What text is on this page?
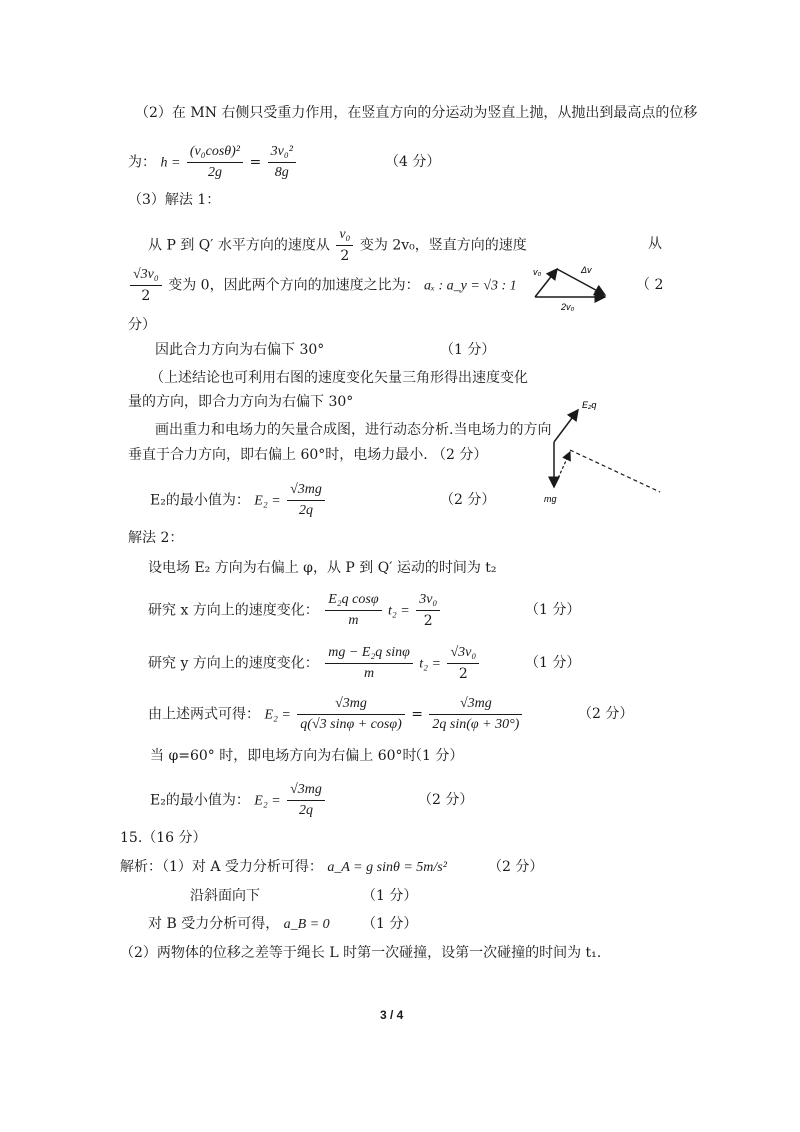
（2）在 MN 右侧只受重力作用，在竖直方向的分运动为竖直上抛，从抛出到最高点的位移
为： $h = \frac{\text{(v₀cosθ)²}}{2g} = \frac{\text{3v₀²}}{8g}$	（4 分）
（3）解法 1：
从 P 到 Q′ 水平方向的速度从 $\frac{\text{v₀}}{2}$ 变为 2v₀，竖直方向的速度	从
$\frac{\text{√3v₀}}{2}$ 变为 0，因此两个方向的加速度之比为： aₓ : a_y = √3 : 1	（ 2
v₀	Δv
2v₀
分）
因此合力方向为右偏下 30°	（1 分）
（上述结论也可利用右图的速度变化矢量三角形得出速度变化
量的方向，即合力方向为右偏下 30°
画出重力和电场力的矢量合成图，进行动态分析.当电场力的方向
垂直于合力方向，即右偏上 60°时，电场力最小. （2 分）
E₂q
mg
E₂的最小值为： $E_2 = \frac{√3mg}{2q}$	（2 分）
解法 2：
设电场 E₂ 方向为右偏上 φ，从 P 到 Q′ 运动的时间为 t₂
研究 x 方向上的速度变化： $\frac{\text{E₂q cosφ}}{m} t_2 = \frac{\text{3v₀}}{2}$	（1 分）
研究 y 方向上的速度变化： $\frac{\text{mg − E₂q sinφ}}{m} t_2 = \frac{\text{√3v₀}}{2}$	（1 分）
由上述两式可得： $E_2 = \frac{√3mg}{q(√3 \sin\varphi + \cos\varphi)} = \frac{√3mg}{\text{2q sin(φ + 30°)}}$	（2 分）
当 φ=60° 时，即电场方向为右偏上 60°时
（1 分）
E₂的最小值为： $E_2 = \frac{√3mg}{2q}$	（2 分）
15.（16 分）
解析：（1）对 A 受力分析可得： a_A = g sinθ = 5m/s²	（2 分）
沿斜面向下	（1 分）
对 B 受力分析可得， a_B = 0 （1 分）
（2）两物体的位移之差等于绳长 L 时第一次碰撞，设第一次碰撞的时间为 t₁.
3 / 4
